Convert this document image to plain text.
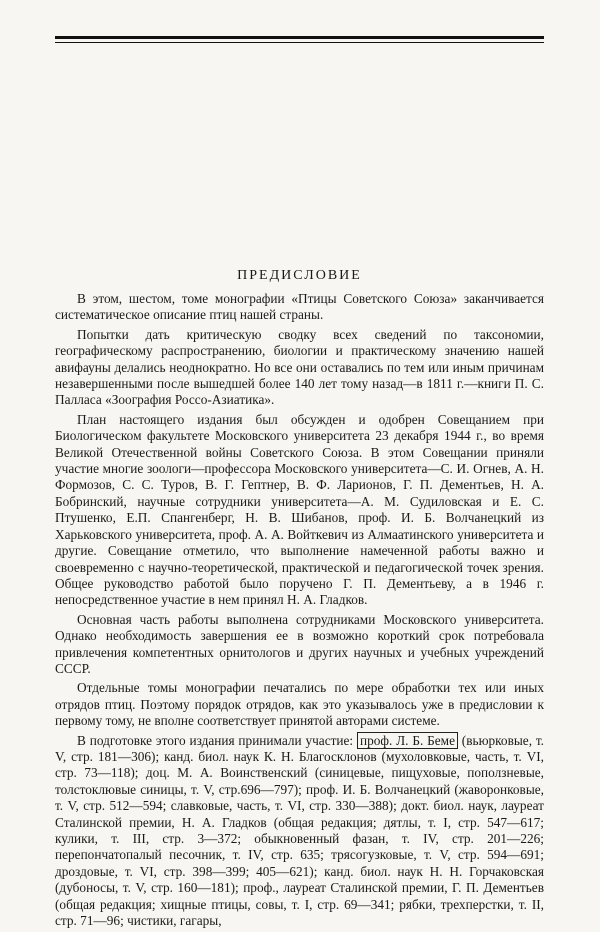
ПРЕДИСЛОВИЕ

В этом, шестом, томе монографии «Птицы Советского Союза» заканчивается систематическое описание птиц нашей страны.

Попытки дать критическую сводку всех сведений по таксономии, географическому распространению, биологии и практическому значению нашей авифауны делались неоднократно. Но все они оставались по тем или иным причинам незавершенными после вышедшей более 140 лет тому назад—в 1811 г.—книги П. С. Палласа «Зоография Россо-Азиатика».

План настоящего издания был обсужден и одобрен Совещанием при Биологическом факультете Московского университета 23 декабря 1944 г., во время Великой Отечественной войны Советского Союза. В этом Совещании приняли участие многие зоологи—профессора Московского университета—С. И. Огнев, А. Н. Формозов, С. С. Туров, В. Г. Гептнер, В. Ф. Ларионов, Г. П. Дементьев, Н. А. Бобринский, научные сотрудники университета—А. М. Судиловская и Е. С. Птушенко, Е.П. Спангенберг, Н. В. Шибанов, проф. И. Б. Волчанецкий из Харьковского университета, проф. А. А. Войткевич из Алмаатинского университета и другие. Совещание отметило, что выполнение намеченной работы важно и своевременно с научно-теоретической, практической и педагогической точек зрения. Общее руководство работой было поручено Г. П. Дементьеву, а в 1946 г. непосредственное участие в нем принял Н. А. Гладков.

Основная часть работы выполнена сотрудниками Московского университета. Однако необходимость завершения ее в возможно короткий срок потребовала привлечения компетентных орнитологов и других научных и учебных учреждений СССР.

Отдельные томы монографии печатались по мере обработки тех или иных отрядов птиц. Поэтому порядок отрядов, как это указывалось уже в предисловии к первому тому, не вполне соответствует принятой авторами системе.

В подготовке этого издания принимали участие: проф. Л. Б. Беме (вьюрковые, т. V, стр. 181—306); канд. биол. наук К. Н. Благосклонов (мухоловковые, часть, т. VI, стр. 73—118); доц. М. А. Воинственский (синицевые, пищуховые, поползневые, толстоклювые синицы, т. V, стр.696—797); проф. И. Б. Волчанецкий (жаворонковые, т. V, стр. 512—594; славковые, часть, т. VI, стр. 330—388); докт. биол. наук, лауреат Сталинской премии, Н. А. Гладков (общая редакция; дятлы, т. I, стр. 547—617; кулики, т. III, стр. 3—372; обыкновенный фазан, т. IV, стр. 201—226; перепончатопалый песочник, т. IV, стр. 635; трясогузковые, т. V, стр. 594—691; дроздовые, т. VI, стр. 398—399; 405—621); канд. биол. наук Н. Н. Горчаковская (дубоносы, т. V, стр. 160—181); проф., лауреат Сталинской премии, Г. П. Дементьев (общая редакция; хищные птицы, совы, т. I, стр. 69—341; рябки, трехперстки, т. II, стр. 71—96; чистики, гагары,
